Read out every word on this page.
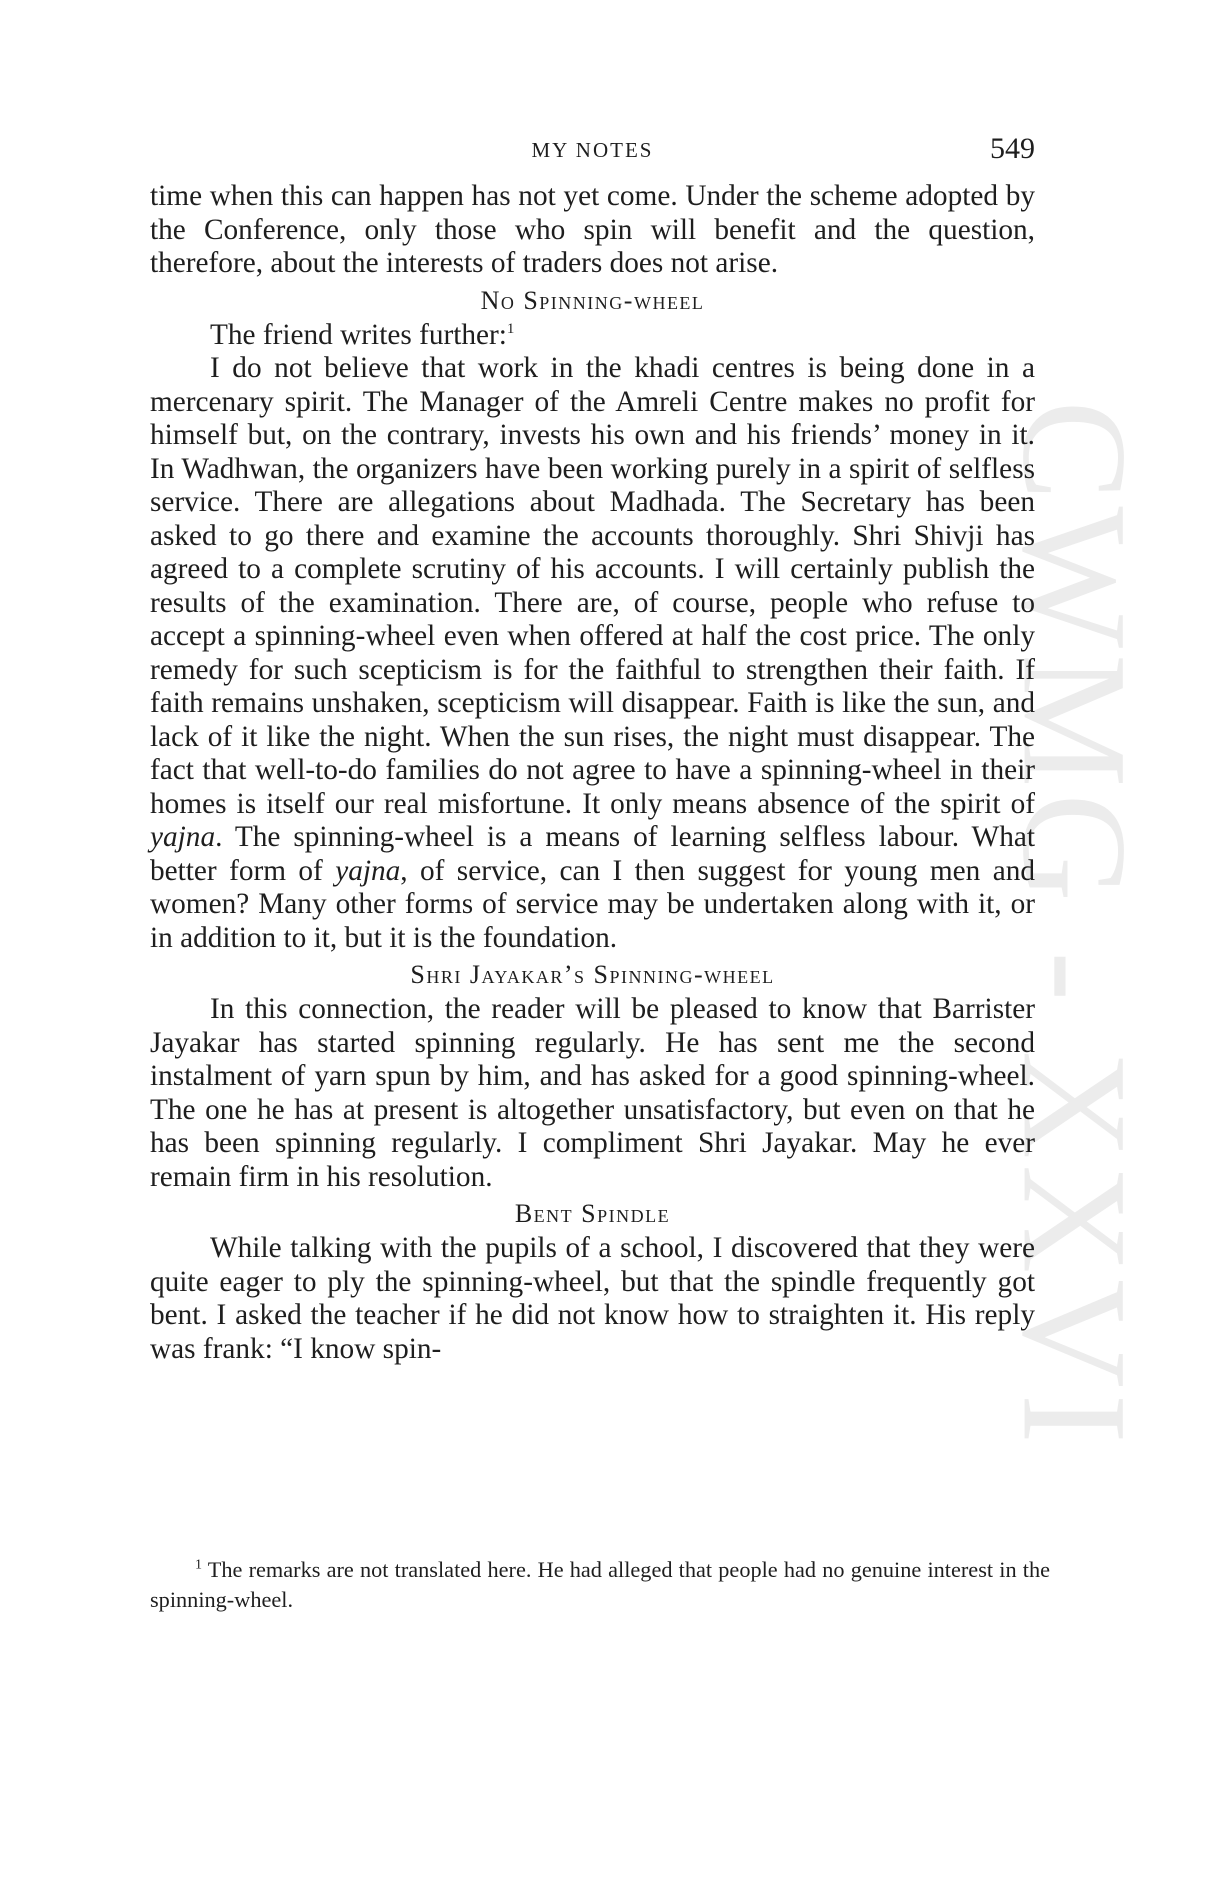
CWMG - XXVI
MY NOTES	549

time when this can happen has not yet come. Under the scheme adopted by the Conference, only those who spin will benefit and the question, therefore, about the interests of traders does not arise.

No Spinning-wheel

The friend writes further:$^1$

I do not believe that work in the khadi centres is being done in a mercenary spirit. The Manager of the Amreli Centre makes no profit for himself but, on the contrary, invests his own and his friends’ money in it. In Wadhwan, the organizers have been working purely in a spirit of selfless service. There are allegations about Madhada. The Secretary has been asked to go there and examine the accounts thoroughly. Shri Shivji has agreed to a complete scrutiny of his accounts. I will certainly publish the results of the examination. There are, of course, people who refuse to accept a spinning-wheel even when offered at half the cost price. The only remedy for such scepticism is for the faithful to strengthen their faith. If faith remains unshaken, scepticism will disappear. Faith is like the sun, and lack of it like the night. When the sun rises, the night must disappear. The fact that well-to-do families do not agree to have a spinning-wheel in their homes is itself our real misfortune. It only means absence of the spirit of yajna. The spinning-wheel is a means of learning selfless labour. What better form of yajna, of service, can I then suggest for young men and women? Many other forms of service may be undertaken along with it, or in addition to it, but it is the foundation.

Shri Jayakar’s Spinning-wheel

In this connection, the reader will be pleased to know that Barrister Jayakar has started spinning regularly. He has sent me the second instalment of yarn spun by him, and has asked for a good spinning-wheel. The one he has at present is altogether unsatisfactory, but even on that he has been spinning regularly. I compliment Shri Jayakar. May he ever remain firm in his resolution.

Bent Spindle

While talking with the pupils of a school, I discovered that they were quite eager to ply the spinning-wheel, but that the spindle frequently got bent. I asked the teacher if he did not know how to straighten it. His reply was frank: “I know spin-

$^1$ The remarks are not translated here. He had alleged that people had no genuine interest in the spinning-wheel.
